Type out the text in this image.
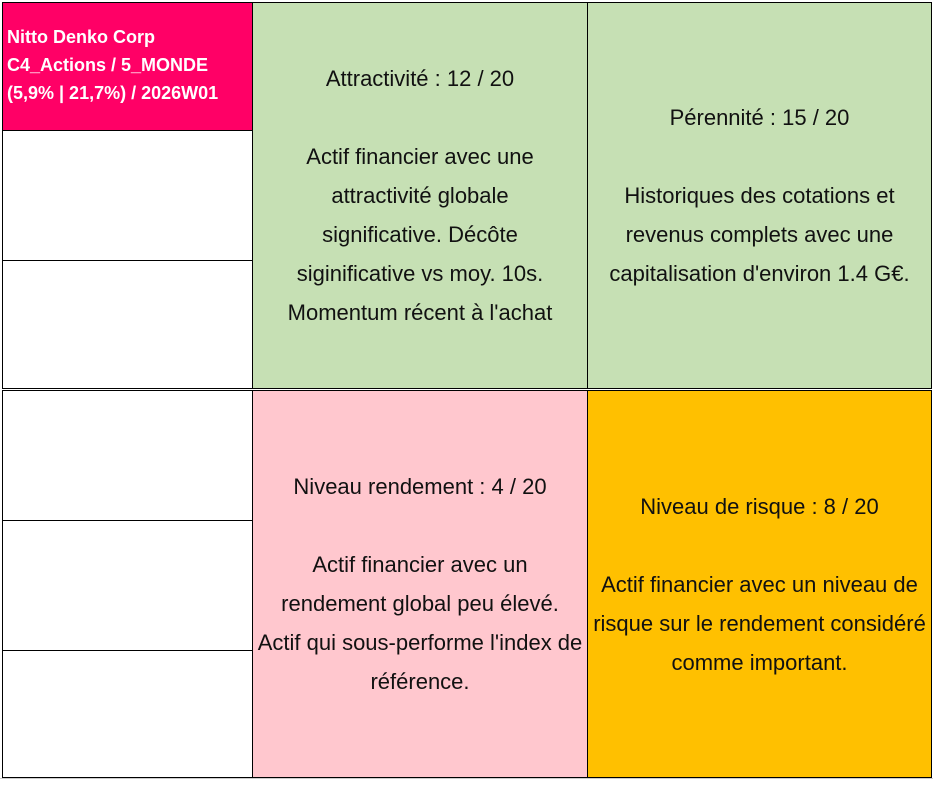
Nitto Denko Corp
C4_Actions / 5_MONDE
(5,9% | 21,7%) / 2026W01
Attractivité : 12 / 20
Actif financier avec une attractivité globale significative. Décôte siginificative vs moy. 10s. Momentum récent à l'achat
Pérennité : 15 / 20
Historiques des cotations et revenus complets avec une capitalisation d'environ 1.4 G€.
Niveau rendement : 4 / 20
Actif financier avec un rendement global peu élevé. Actif qui sous-performe l'index de référence.
Niveau de risque : 8 / 20
Actif financier avec un niveau de risque sur le rendement considéré comme important.
